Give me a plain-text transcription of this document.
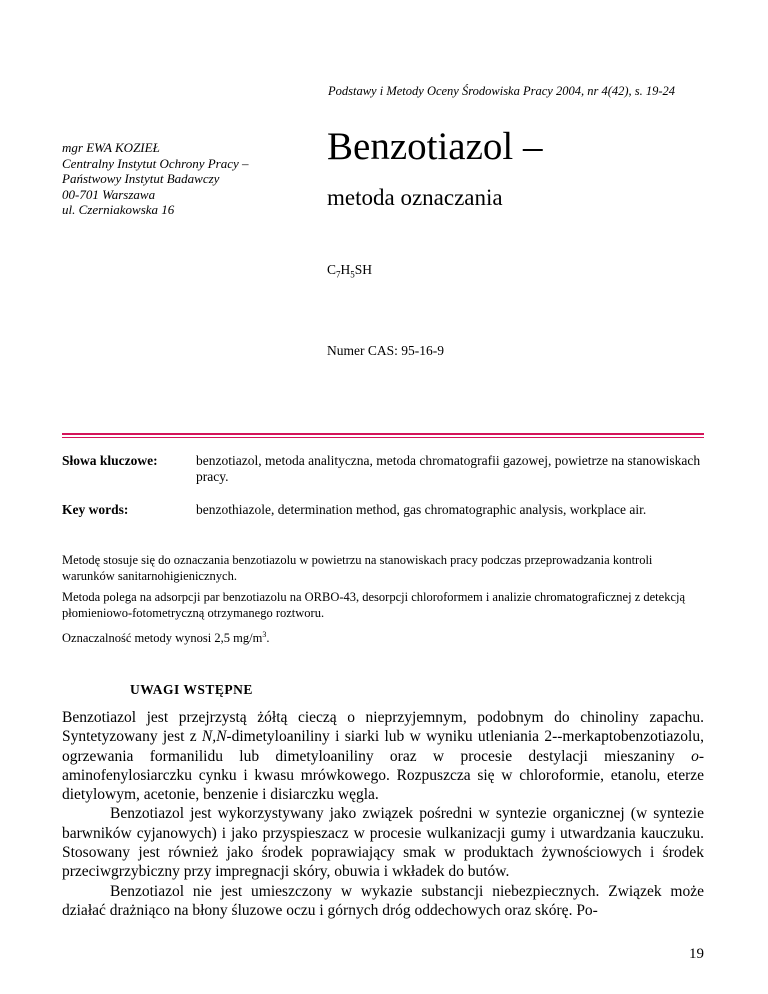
Podstawy i Metody Oceny Środowiska Pracy 2004, nr 4(42), s. 19-24
mgr EWA KOZIEŁ
Centralny Instytut Ochrony Pracy –
Państwowy Instytut Badawczy
00-701 Warszawa
ul. Czerniakowska 16
Benzotiazol –
metoda oznaczania
$C_7H_5SH$
Numer CAS: 95-16-9
Słowa kluczowe:	benzotiazol, metoda analityczna, metoda chromatografii gazowej, powietrze na stanowiskach pracy.
Key words:	benzothiazole, determination method, gas chromatographic analysis, workplace air.
Metodę stosuje się do oznaczania benzotiazolu w powietrzu na stanowiskach pracy podczas przeprowadzania kontroli warunków sanitarnohigienicznych.
Metoda polega na adsorpcji par benzotiazolu na ORBO-43, desorpcji chloroformem i analizie chromatograficznej z detekcją płomieniowo-fotometryczną otrzymanego roztworu.
Oznaczalność metody wynosi 2,5 $mg/m^3$.
UWAGI WSTĘPNE

Benzotiazol jest przejrzystą żółtą cieczą o nieprzyjemnym, podobnym do chinoliny zapachu. Syntetyzowany jest z N,N-dimetyloaniliny i siarki lub w wyniku utleniania 2--merkaptobenzotiazolu, ogrzewania formanilidu lub dimetyloaniliny oraz w procesie destylacji mieszaniny o-aminofenylosiarczku cynku i kwasu mrówkowego. Rozpuszcza się w chloroformie, etanolu, eterze dietylowym, acetonie, benzenie i disiarczku węgla.

Benzotiazol jest wykorzystywany jako związek pośredni w syntezie organicznej (w syntezie barwników cyjanowych) i jako przyspieszacz w procesie wulkanizacji gumy i utwardzania kauczuku. Stosowany jest również jako środek poprawiający smak w produktach żywnościowych i środek przeciwgrzybiczny przy impregnacji skóry, obuwia i wkładek do butów.

Benzotiazol nie jest umieszczony w wykazie substancji niebezpiecznych. Związek może działać drażniąco na błony śluzowe oczu i górnych dróg oddechowych oraz skórę. Po-

19
